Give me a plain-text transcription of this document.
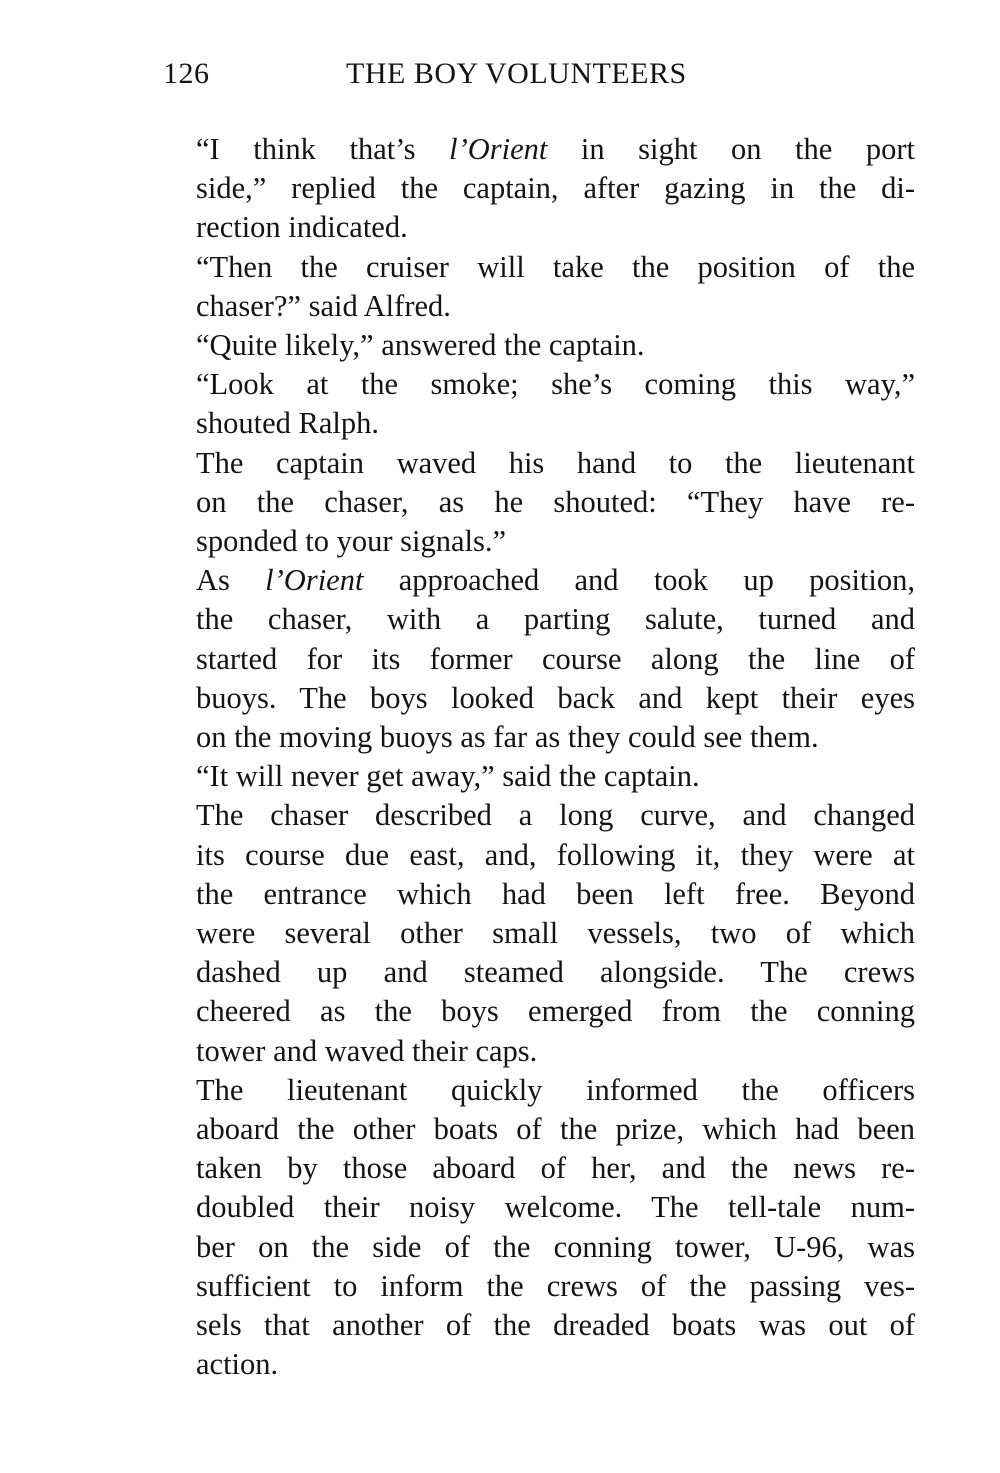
126	THE BOY VOLUNTEERS

“I think that’s l’Orient in sight on the port
side,” replied the captain, after gazing in the di-
rection indicated.

“Then the cruiser will take the position of the
chaser?” said Alfred.

“Quite likely,” answered the captain.

“Look at the smoke; she’s coming this way,”
shouted Ralph.

The captain waved his hand to the lieutenant
on the chaser, as he shouted: “They have re-
sponded to your signals.”

As l’Orient approached and took up position,
the chaser, with a parting salute, turned and
started for its former course along the line of
buoys. The boys looked back and kept their eyes
on the moving buoys as far as they could see them.

“It will never get away,” said the captain.

The chaser described a long curve, and changed
its course due east, and, following it, they were at
the entrance which had been left free. Beyond
were several other small vessels, two of which
dashed up and steamed alongside. The crews
cheered as the boys emerged from the conning
tower and waved their caps.

The lieutenant quickly informed the officers
aboard the other boats of the prize, which had been
taken by those aboard of her, and the news re-
doubled their noisy welcome. The tell-tale num-
ber on the side of the conning tower, U-96, was
sufficient to inform the crews of the passing ves-
sels that another of the dreaded boats was out of
action.
